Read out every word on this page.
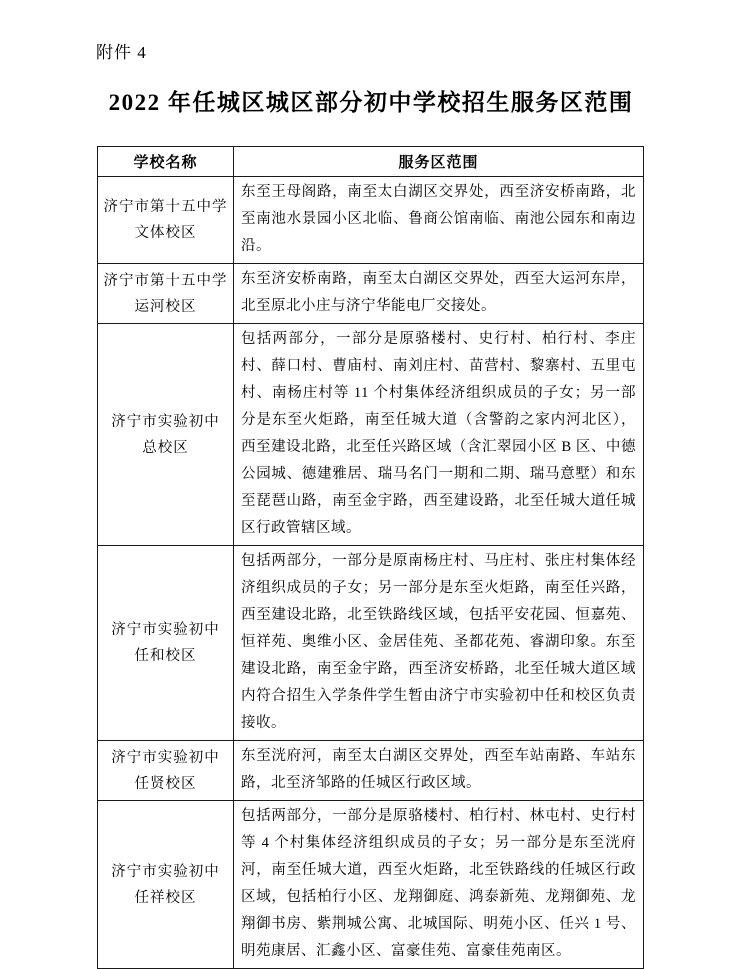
附件 4
2022 年任城区城区部分初中学校招生服务区范围
学校名称	服务区范围

济宁市第十五中学
文体校区	东至王母阁路，南至太白湖区交界处，西至济安桥南路，北至南池水景园小区北临、鲁商公馆南临、南池公园东和南边沿。

济宁市第十五中学
运河校区	东至济安桥南路，南至太白湖区交界处，西至大运河东岸，北至原北小庄与济宁华能电厂交接处。

济宁市实验初中
总校区	包括两部分，一部分是原骆楼村、史行村、柏行村、李庄村、薛口村、曹庙村、南刘庄村、苗营村、黎寨村、五里屯村、南杨庄村等 11 个村集体经济组织成员的子女；另一部分是东至火炬路，南至任城大道（含警韵之家内河北区），西至建设北路，北至任兴路区域（含汇翠园小区 B 区、中德公园城、德建雅居、瑞马名门一期和二期、瑞马意墅）和东至琵琶山路，南至金宇路，西至建设路，北至任城大道任城区行政管辖区域。

济宁市实验初中
任和校区	包括两部分，一部分是原南杨庄村、马庄村、张庄村集体经济组织成员的子女；另一部分是东至火炬路，南至任兴路，西至建设北路，北至铁路线区域，包括平安花园、恒嘉苑、恒祥苑、奥维小区、金居佳苑、圣都花苑、睿湖印象。东至建设北路，南至金宇路，西至济安桥路，北至任城大道区域内符合招生入学条件学生暂由济宁市实验初中任和校区负责接收。

济宁市实验初中
任贤校区	东至洸府河，南至太白湖区交界处，西至车站南路、车站东路，北至济邹路的任城区行政区域。

济宁市实验初中
任祥校区	包括两部分，一部分是原骆楼村、柏行村、林屯村、史行村等 4 个村集体经济组织成员的子女；另一部分是东至洸府河，南至任城大道，西至火炬路，北至铁路线的任城区行政区域，包括柏行小区、龙翔御庭、鸿泰新苑、龙翔御苑、龙翔御书房、紫荆城公寓、北城国际、明苑小区、任兴 1 号、明苑康居、汇鑫小区、富豪佳苑、富豪佳苑南区。
